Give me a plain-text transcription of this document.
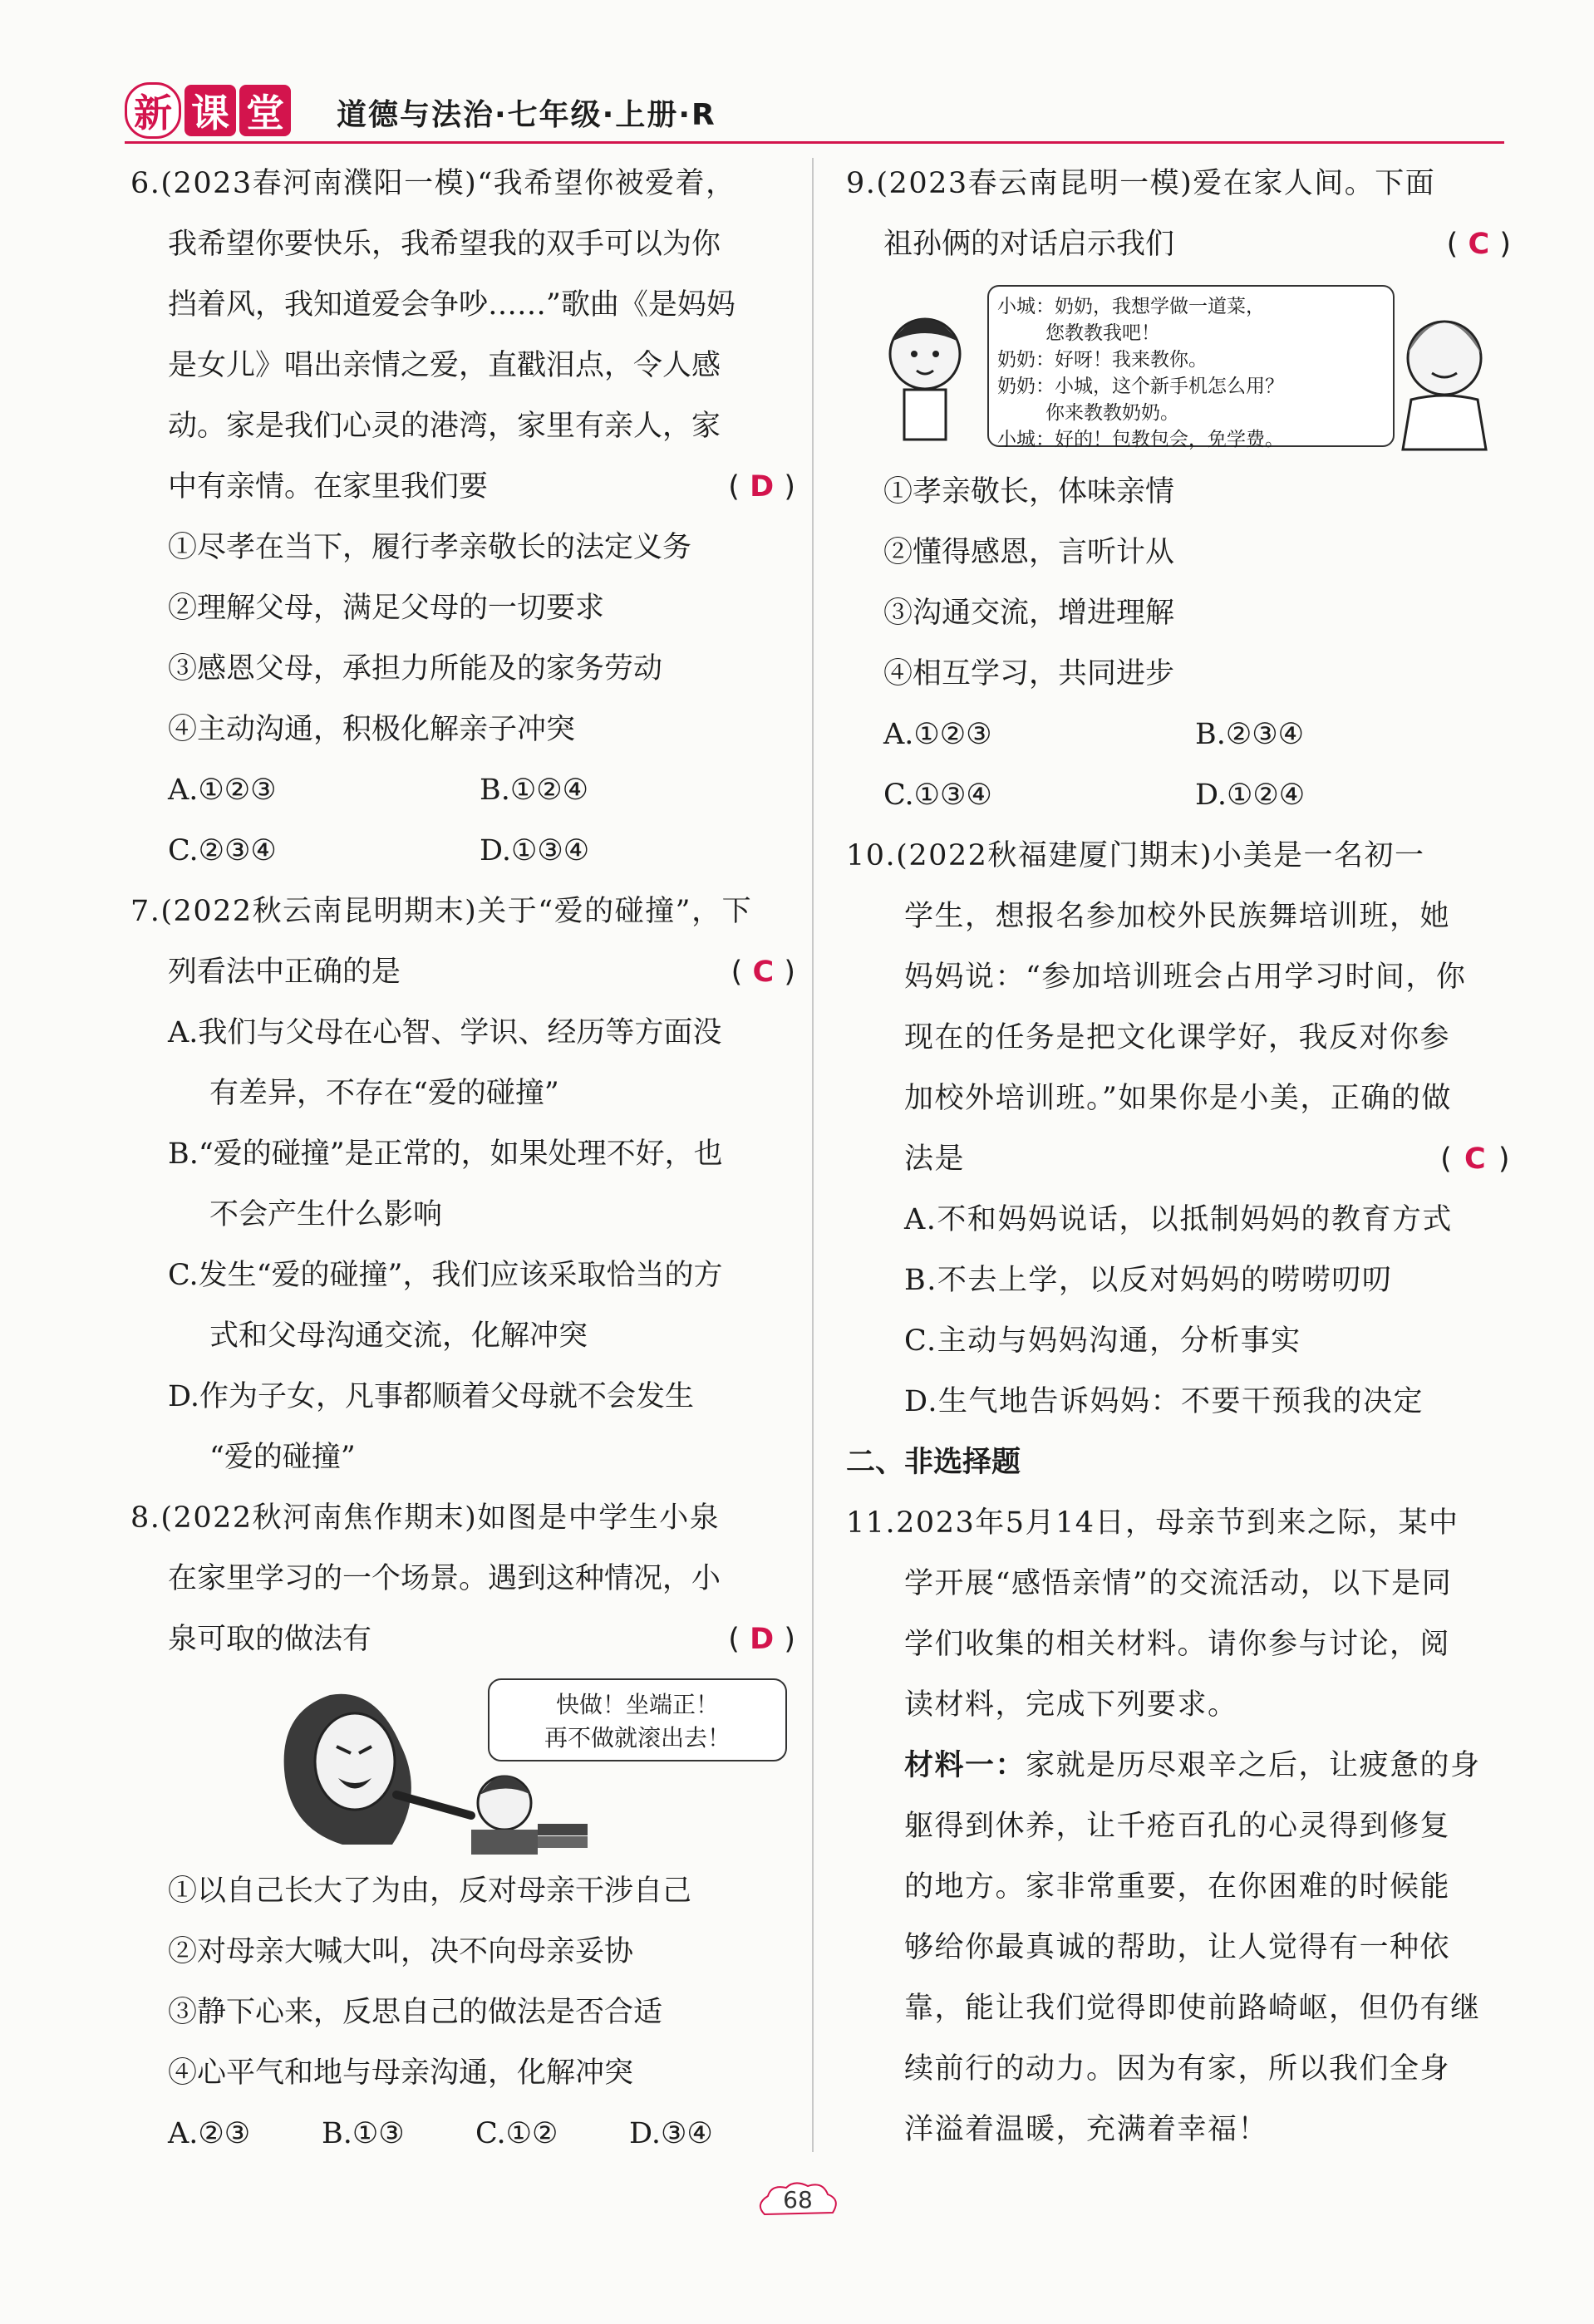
新 课 堂 道德与法治·七年级·上册·R

6.(2023春河南濮阳一模)“我希望你被爱着，

我希望你要快乐，我希望我的双手可以为你

挡着风，我知道爱会争吵……”歌曲《是妈妈

是女儿》唱出亲情之爱，直戳泪点，令人感

动。家是我们心灵的港湾，家里有亲人，家

中有亲情。在家里我们要	( D )

①尽孝在当下，履行孝亲敬长的法定义务

②理解父母，满足父母的一切要求

③感恩父母，承担力所能及的家务劳动

④主动沟通，积极化解亲子冲突

A.①②③	B.①②④

C.②③④	D.①③④

7.(2022秋云南昆明期末)关于“爱的碰撞”，下

列看法中正确的是	( C )

A.我们与父母在心智、学识、经历等方面没

有差异，不存在“爱的碰撞”

B.“爱的碰撞”是正常的，如果处理不好，也

不会产生什么影响

C.发生“爱的碰撞”，我们应该采取恰当的方

式和父母沟通交流，化解冲突

D.作为子女，凡事都顺着父母就不会发生

“爱的碰撞”

8.(2022秋河南焦作期末)如图是中学生小泉

在家里学习的一个场景。遇到这种情况，小

泉可取的做法有	( D )

快做！坐端正！
再不做就滚出去！

①以自己长大了为由，反对母亲干涉自己

②对母亲大喊大叫，决不向母亲妥协

③静下心来，反思自己的做法是否合适

④心平气和地与母亲沟通，化解冲突

A.②③	B.①③	C.①②	D.③④

9.(2023春云南昆明一模)爱在家人间。下面

祖孙俩的对话启示我们	( C )

小城：奶奶，我想学做一道菜，
您教教我吧！
奶奶：好呀！我来教你。
奶奶：小城，这个新手机怎么用？
你来教教奶奶。
小城：好的！包教包会，免学费。

①孝亲敬长，体味亲情

②懂得感恩，言听计从

③沟通交流，增进理解

④相互学习，共同进步

A.①②③	B.②③④

C.①③④	D.①②④

10.(2022秋福建厦门期末)小美是一名初一

学生，想报名参加校外民族舞培训班，她

妈妈说：“参加培训班会占用学习时间，你

现在的任务是把文化课学好，我反对你参

加校外培训班。”如果你是小美，正确的做

法是	( C )

A.不和妈妈说话，以抵制妈妈的教育方式

B.不去上学，以反对妈妈的唠唠叨叨

C.主动与妈妈沟通，分析事实

D.生气地告诉妈妈：不要干预我的决定

二、非选择题

11.2023年5月14日，母亲节到来之际，某中

学开展“感悟亲情”的交流活动，以下是同

学们收集的相关材料。请你参与讨论，阅

读材料，完成下列要求。

材料一：家就是历尽艰辛之后，让疲惫的身

躯得到休养，让千疮百孔的心灵得到修复

的地方。家非常重要，在你困难的时候能

够给你最真诚的帮助，让人觉得有一种依

靠，能让我们觉得即使前路崎岖，但仍有继

续前行的动力。因为有家，所以我们全身

洋溢着温暖，充满着幸福！

68
